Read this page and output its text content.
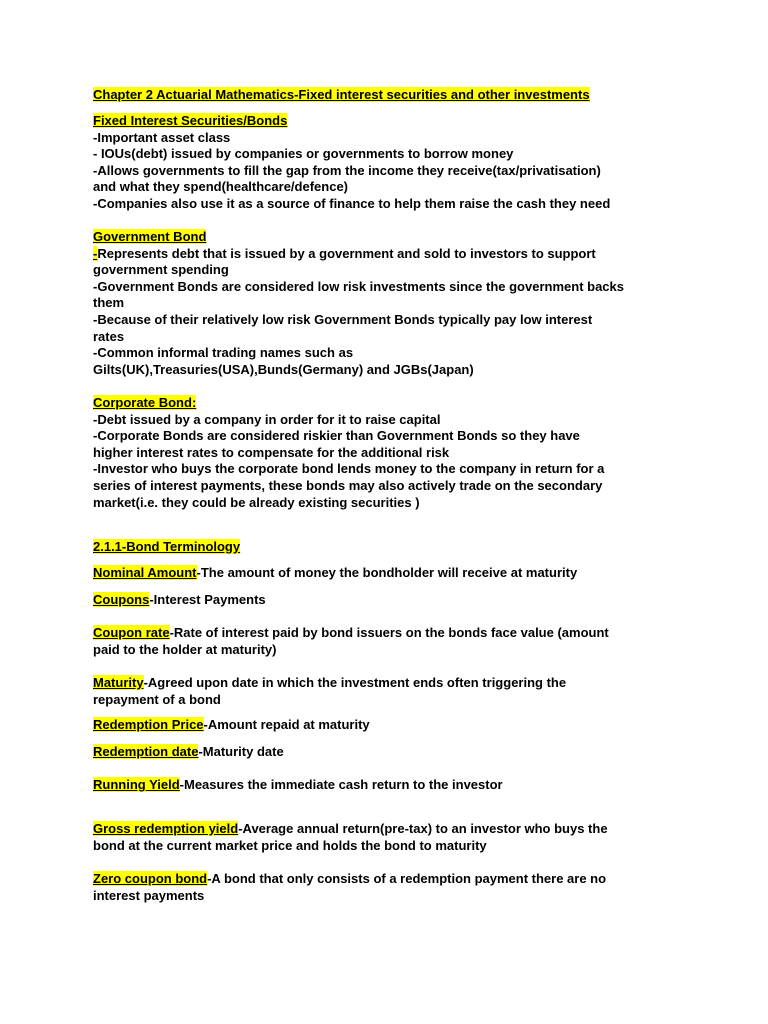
Chapter 2 Actuarial Mathematics-Fixed interest securities and other investments
Fixed Interest Securities/Bonds
-Important asset class
- IOUs(debt) issued by companies or governments to borrow money
-Allows governments to fill the gap from the income they receive(tax/privatisation)
and what they spend(healthcare/defence)
-Companies also use it as a source of finance to help them raise the cash they need
Government Bond
-Represents debt that is issued by a government and sold to investors to support
government spending
-Government Bonds are considered low risk investments since the government backs
them
-Because of their relatively low risk Government Bonds typically pay low interest
rates
-Common informal trading names such as
Gilts(UK),Treasuries(USA),Bunds(Germany) and JGBs(Japan)
Corporate Bond:
-Debt issued by a company in order for it to raise capital
-Corporate Bonds are considered riskier than Government Bonds so they have
higher interest rates to compensate for the additional risk
-Investor who buys the corporate bond lends money to the company in return for a
series of interest payments, these bonds may also actively trade on the secondary
market(i.e. they could be already existing securities )
2.1.1-Bond Terminology
Nominal Amount-The amount of money the bondholder will receive at maturity
Coupons-Interest Payments
Coupon rate-Rate of interest paid by bond issuers on the bonds face value (amount
paid to the holder at maturity)
Maturity-Agreed upon date in which the investment ends often triggering the
repayment of a bond
Redemption Price-Amount repaid at maturity
Redemption date-Maturity date
Running Yield-Measures the immediate cash return to the investor
Gross redemption yield-Average annual return(pre-tax) to an investor who buys the
bond at the current market price and holds the bond to maturity
Zero coupon bond-A bond that only consists of a redemption payment there are no
interest payments
